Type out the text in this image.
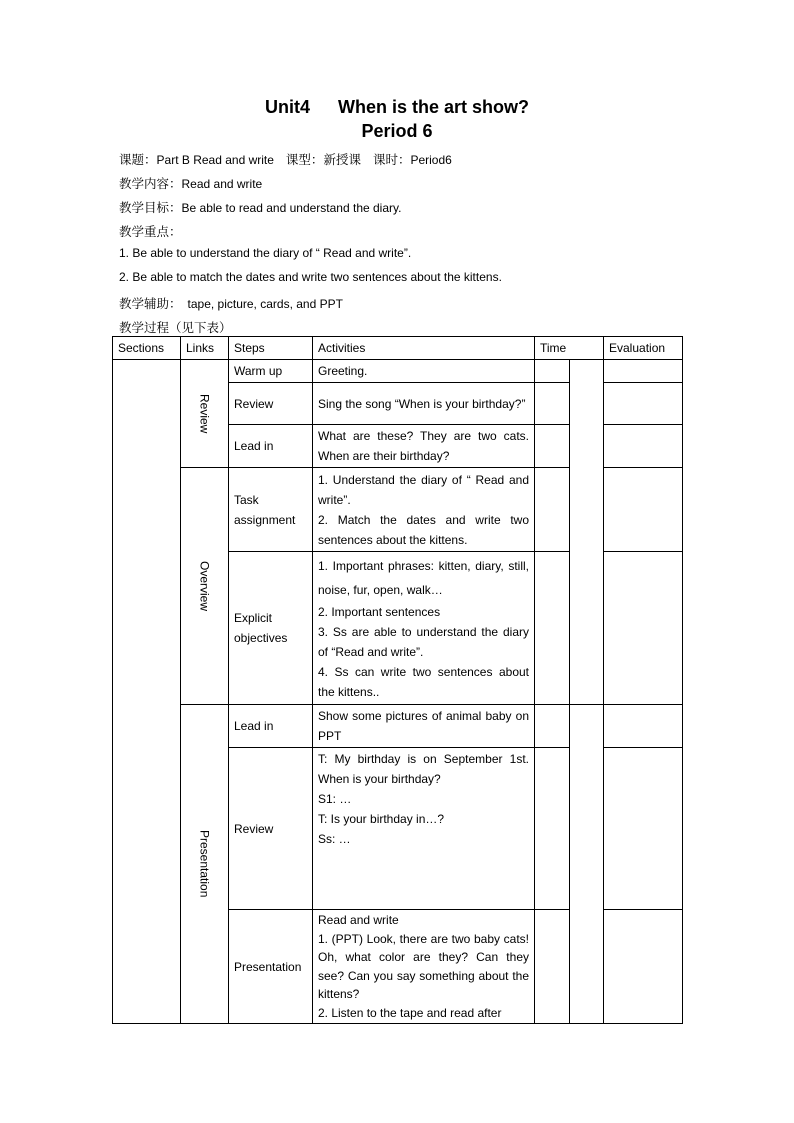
Unit4 When is the art show?
Period 6
课题：Part B Read and write 课型：新授课 课时：Period6
教学内容：Read and write
教学目标：Be able to read and understand the diary.
教学重点：
1. Be able to understand the diary of “ Read and write”.
2. Be able to match the dates and write two sentences about the kittens.
教学辅助： tape, picture, cards, and PPT
教学过程（见下表）
Sections	Links	Steps	Activities	Time		Evaluation

	Review	Warm up	Greeting.			

		Review	Sing the song “When is your birthday?”			

		Lead in	What are these? They are two cats. When are their birthday?			

	Overview	Task assignment	1. Understand the diary of “ Read and write”.

2. Match the dates and write two sentences about the kittens.			

		Explicit objectives	1. Important phrases: kitten, diary, still, noise, fur, open, walk…

2. Important sentences

3. Ss are able to understand the diary of “Read and write”.

4. Ss can write two sentences about the kittens..			

	Presentation	Lead in	Show some pictures of animal baby on PPT			

		Review	T: My birthday is on September 1st. When is your birthday?

S1: …

T: Is your birthday in…?

Ss: …			

		Presentation	Read and write

1. (PPT) Look, there are two baby cats! Oh, what color are they? Can they see? Can you say something about the kittens?

2. Listen to the tape and read after			
